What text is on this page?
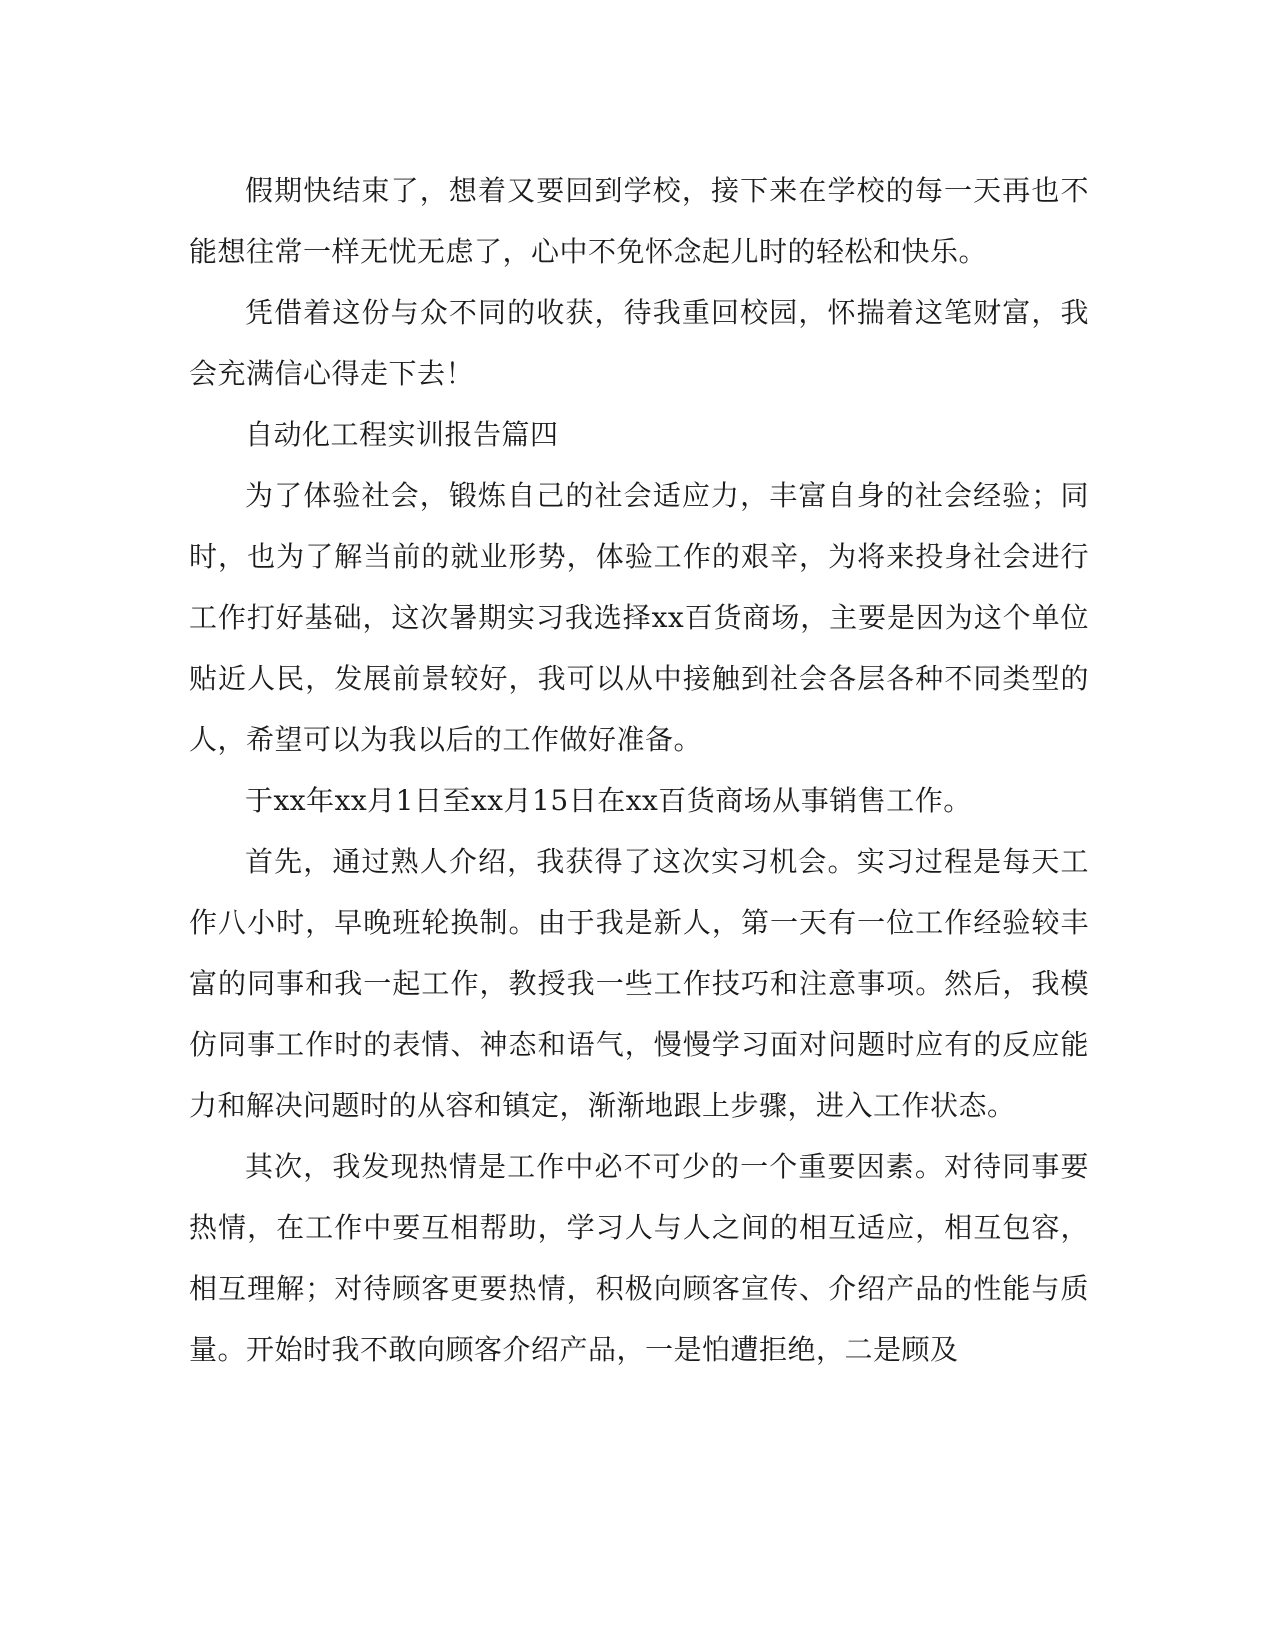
假期快结束了，想着又要回到学校，接下来在学校的每一天再也不能想往常一样无忧无虑了，心中不免怀念起儿时的轻松和快乐。

凭借着这份与众不同的收获，待我重回校园，怀揣着这笔财富，我会充满信心得走下去！

自动化工程实训报告篇四

为了体验社会，锻炼自己的社会适应力，丰富自身的社会经验；同时，也为了解当前的就业形势，体验工作的艰辛，为将来投身社会进行工作打好基础，这次暑期实习我选择xx百货商场，主要是因为这个单位贴近人民，发展前景较好，我可以从中接触到社会各层各种不同类型的人，希望可以为我以后的工作做好准备。

于xx年xx月1日至xx月15日在xx百货商场从事销售工作。

首先，通过熟人介绍，我获得了这次实习机会。实习过程是每天工作八小时，早晚班轮换制。由于我是新人，第一天有一位工作经验较丰富的同事和我一起工作，教授我一些工作技巧和注意事项。然后，我模仿同事工作时的表情、神态和语气，慢慢学习面对问题时应有的反应能力和解决问题时的从容和镇定，渐渐地跟上步骤，进入工作状态。

其次，我发现热情是工作中必不可少的一个重要因素。对待同事要热情，在工作中要互相帮助，学习人与人之间的相互适应，相互包容，相互理解；对待顾客更要热情，积极向顾客宣传、介绍产品的性能与质量。开始时我不敢向顾客介绍产品，一是怕遭拒绝，二是顾及
